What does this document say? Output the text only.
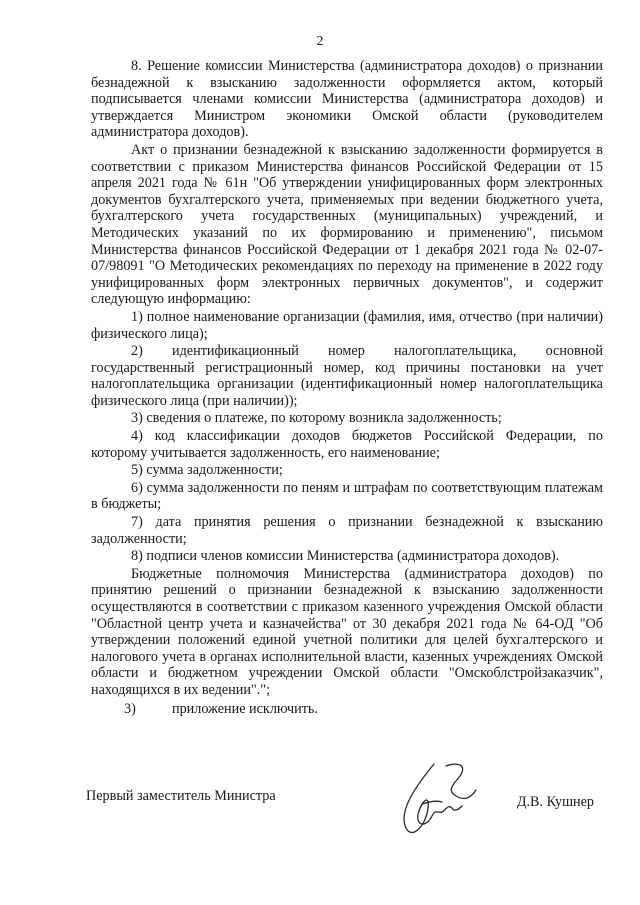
2

8. Решение комиссии Министерства (администратора доходов) о признании безнадежной к взысканию задолженности оформляется актом, который подписывается членами комиссии Министерства (администратора доходов) и утверждается Министром экономики Омской области (руководителем администратора доходов).

Акт о признании безнадежной к взысканию задолженности формируется в соответствии с приказом Министерства финансов Российской Федерации от 15 апреля 2021 года № 61н "Об утверждении унифицированных форм электронных документов бухгалтерского учета, применяемых при ведении бюджетного учета, бухгалтерского учета государственных (муниципальных) учреждений, и Методических указаний по их формированию и применению", письмом Министерства финансов Российской Федерации от 1 декабря 2021 года № 02-07-07/98091 "О Методических рекомендациях по переходу на применение в 2022 году унифицированных форм электронных первичных документов", и содержит следующую информацию:

1) полное наименование организации (фамилия, имя, отчество (при наличии) физического лица);

2) идентификационный номер налогоплательщика, основной государственный регистрационный номер, код причины постановки на учет налогоплательщика организации (идентификационный номер налогоплательщика физического лица (при наличии));

3) сведения о платеже, по которому возникла задолженность;

4) код классификации доходов бюджетов Российской Федерации, по которому учитывается задолженность, его наименование;

5) сумма задолженности;

6) сумма задолженности по пеням и штрафам по соответствующим платежам в бюджеты;

7) дата принятия решения о признании безнадежной к взысканию задолженности;

8) подписи членов комиссии Министерства (администратора доходов).

Бюджетные полномочия Министерства (администратора доходов) по принятию решений о признании безнадежной к взысканию задолженности осуществляются в соответствии с приказом казенного учреждения Омской области "Областной центр учета и казначейства" от 30 декабря 2021 года № 64-ОД "Об утверждении положений единой учетной политики для целей бухгалтерского и налогового учета в органах исполнительной власти, казенных учреждениях Омской области и бюджетном учреждении Омской области "Омскоблстройзаказчик", находящихся в их ведении".";

3)	приложение исключить.

Первый заместитель Министра	Д.В. Кушнер
